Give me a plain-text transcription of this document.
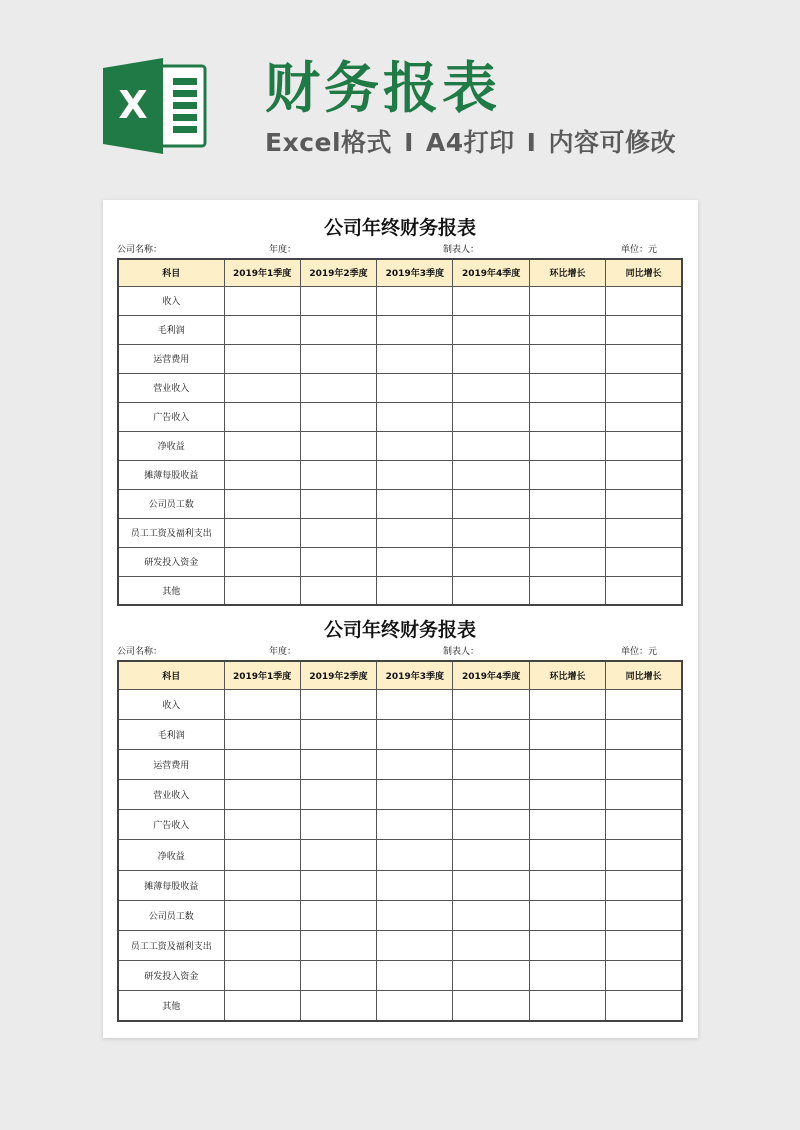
X 财务报表
Excel格式 I A4打印 I 内容可修改
公司年终财务报表
公司名称：	年度：	制表人：	单位：元
科目	2019年1季度	2019年2季度	2019年3季度	2019年4季度	环比增长	同比增长
收入						
毛利润						
运营费用						
营业收入						
广告收入						
净收益						
摊薄每股收益						
公司员工数						
员工工资及福利支出						
研发投入资金						
其他						
公司年终财务报表
公司名称：	年度：	制表人：	单位：元
科目	2019年1季度	2019年2季度	2019年3季度	2019年4季度	环比增长	同比增长
收入						
毛利润						
运营费用						
营业收入						
广告收入						
净收益						
摊薄每股收益						
公司员工数						
员工工资及福利支出						
研发投入资金						
其他						
